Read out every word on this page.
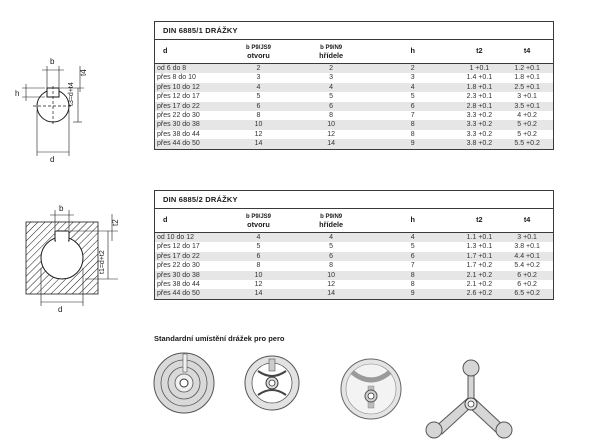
b
h
t4
t3=d+t4
d
b
t2
t1=d+t2
d
DIN 6885/1 DRÁŽKY
d	b P9/JS9
otvoru
b P9/N9
hřídele
h	t2	t4
od 6 do 8	2	2	2	1 +0.1	1.2 +0.1
přes 8 do 10	3	3	3	1.4 +0.1	1.8 +0.1
přes 10 do 12	4	4	4	1.8 +0.1	2.5 +0.1
přes 12 do 17	5	5	5	2.3 +0.1	3 +0.1
přes 17 do 22	6	6	6	2.8 +0.1	3.5 +0.1
přes 22 do 30	8	8	7	3.3 +0.2	4 +0.2
přes 30 do 38	10	10	8	3.3 +0.2	5 +0.2
přes 38 do 44	12	12	8	3.3 +0.2	5 +0.2
přes 44 do 50	14	14	9	3.8 +0.2	5.5 +0.2
DIN 6885/2 DRÁŽKY
d	b P9/JS9
otvoru
b P9/N9
hřídele
h	t2	t4
od 10 do 12	4	4	4	1.1 +0.1	3 +0.1
přes 12 do 17	5	5	5	1.3 +0.1	3.8 +0.1
přes 17 do 22	6	6	6	1.7 +0.1	4.4 +0.1
přes 22 do 30	8	8	7	1.7 +0.2	5.4 +0.2
přes 30 do 38	10	10	8	2.1 +0.2	6 +0.2
přes 38 do 44	12	12	8	2.1 +0.2	6 +0.2
přes 44 do 50	14	14	9	2.6 +0.2	6.5 +0.2
Standardní umístění drážek pro pero
